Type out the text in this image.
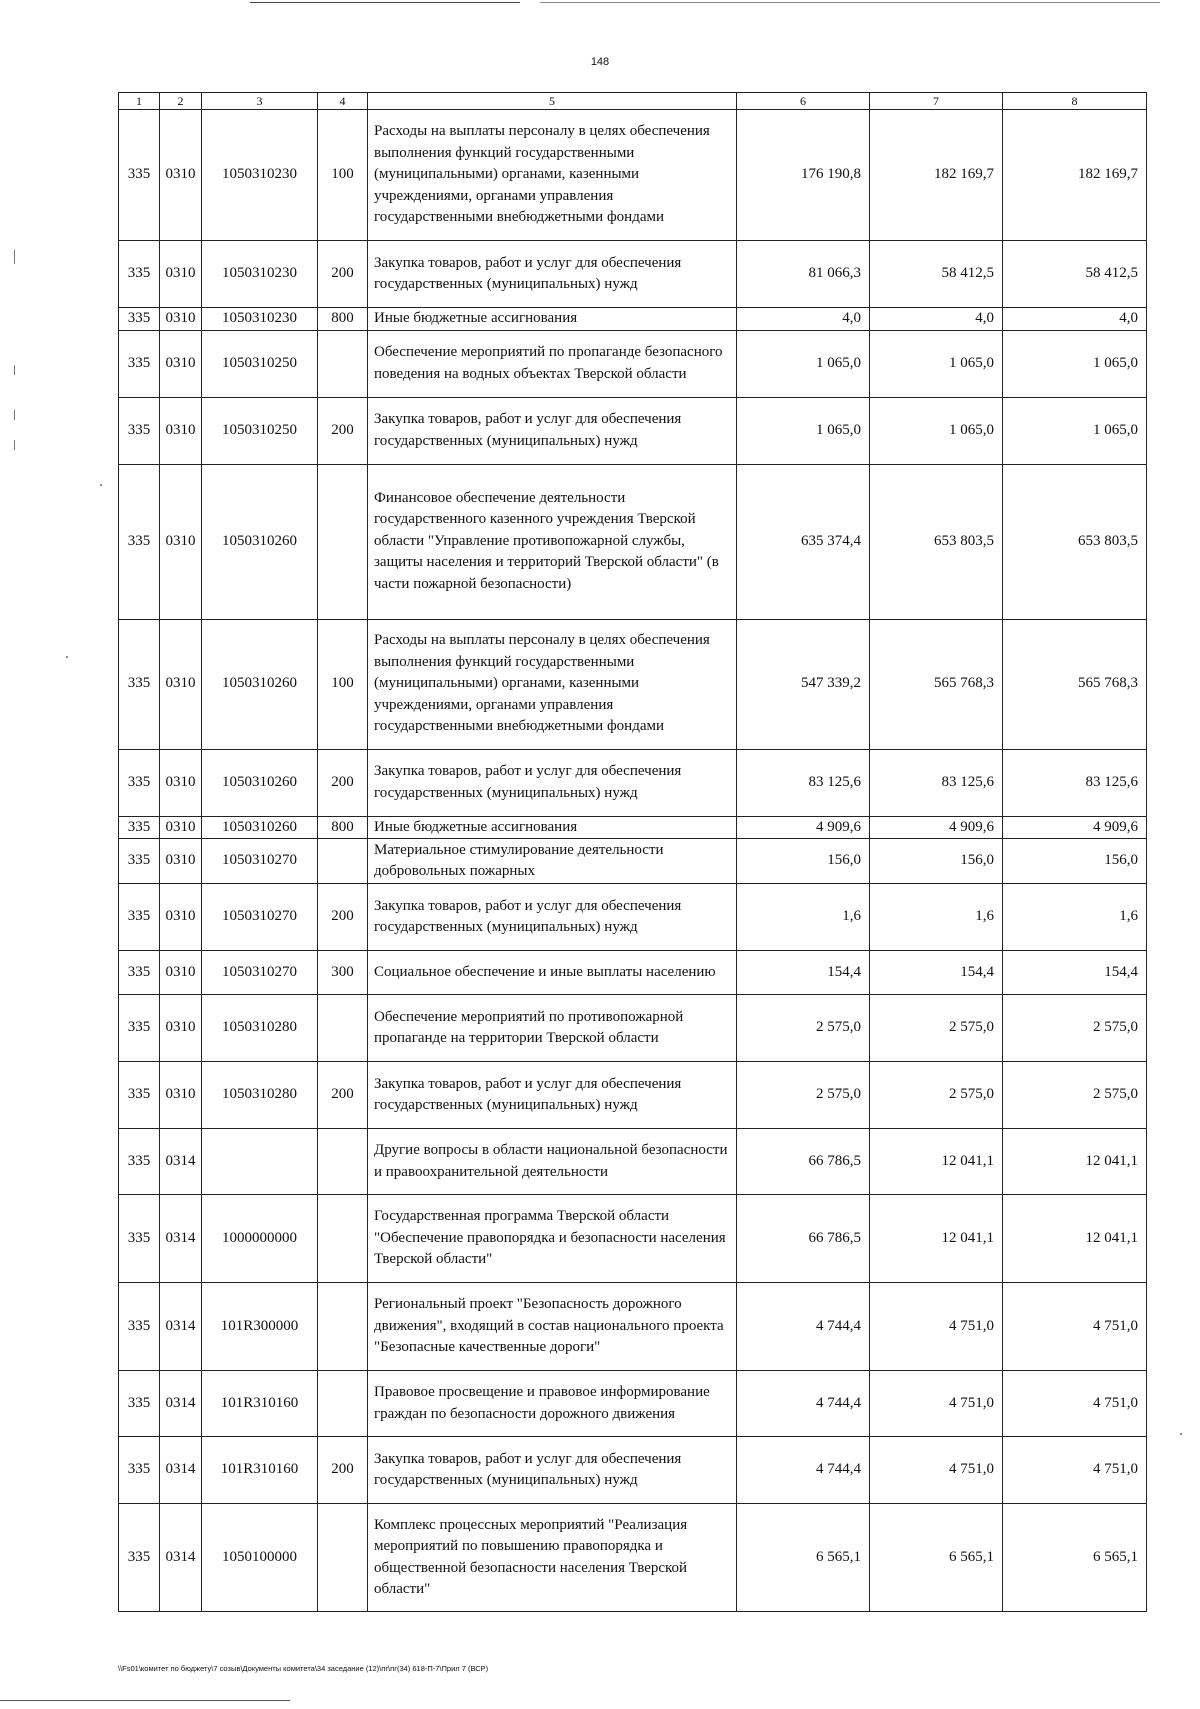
148
1	2	3	4	5	6	7	8
335	0310	1050310230	100	Расходы на выплаты персоналу в целях обеспечения выполнения функций государственными (муниципальными) органами, казенными учреждениями, органами управления государственными внебюджетными фондами	176 190,8	182 169,7	182 169,7
335	0310	1050310230	200	Закупка товаров, работ и услуг для обеспечения государственных (муниципальных) нужд	81 066,3	58 412,5	58 412,5
335	0310	1050310230	800	Иные бюджетные ассигнования	4,0	4,0	4,0
335	0310	1050310250		Обеспечение мероприятий по пропаганде безопасного поведения на водных объектах Тверской области	1 065,0	1 065,0	1 065,0
335	0310	1050310250	200	Закупка товаров, работ и услуг для обеспечения государственных (муниципальных) нужд	1 065,0	1 065,0	1 065,0
335	0310	1050310260		Финансовое обеспечение деятельности государственного казенного учреждения Тверской области "Управление противопожарной службы, защиты населения и территорий Тверской области" (в части пожарной безопасности)	635 374,4	653 803,5	653 803,5
335	0310	1050310260	100	Расходы на выплаты персоналу в целях обеспечения выполнения функций государственными (муниципальными) органами, казенными учреждениями, органами управления государственными внебюджетными фондами	547 339,2	565 768,3	565 768,3
335	0310	1050310260	200	Закупка товаров, работ и услуг для обеспечения государственных (муниципальных) нужд	83 125,6	83 125,6	83 125,6
335	0310	1050310260	800	Иные бюджетные ассигнования	4 909,6	4 909,6	4 909,6
335	0310	1050310270		Материальное стимулирование деятельности добровольных пожарных	156,0	156,0	156,0
335	0310	1050310270	200	Закупка товаров, работ и услуг для обеспечения государственных (муниципальных) нужд	1,6	1,6	1,6
335	0310	1050310270	300	Социальное обеспечение и иные выплаты населению	154,4	154,4	154,4
335	0310	1050310280		Обеспечение мероприятий по противопожарной пропаганде на территории Тверской области	2 575,0	2 575,0	2 575,0
335	0310	1050310280	200	Закупка товаров, работ и услуг для обеспечения государственных (муниципальных) нужд	2 575,0	2 575,0	2 575,0
335	0314			Другие вопросы в области национальной безопасности и правоохранительной деятельности	66 786,5	12 041,1	12 041,1
335	0314	1000000000		Государственная программа Тверской области "Обеспечение правопорядка и безопасности населения Тверской области"	66 786,5	12 041,1	12 041,1
335	0314	101R300000		Региональный проект "Безопасность дорожного движения", входящий в состав национального проекта "Безопасные качественные дороги"	4 744,4	4 751,0	4 751,0
335	0314	101R310160		Правовое просвещение и правовое информирование граждан по безопасности дорожного движения	4 744,4	4 751,0	4 751,0
335	0314	101R310160	200	Закупка товаров, работ и услуг для обеспечения государственных (муниципальных) нужд	4 744,4	4 751,0	4 751,0
335	0314	1050100000		Комплекс процессных мероприятий "Реализация мероприятий по повышению правопорядка и общественной безопасности населения Тверской области"	6 565,1	6 565,1	6 565,1
\\Fs01\комитет по бюджету\7 созыв\Документы комитета\34 заседание (12)\пг\пг(34) 618-П-7\Прил 7 (ВСР)
